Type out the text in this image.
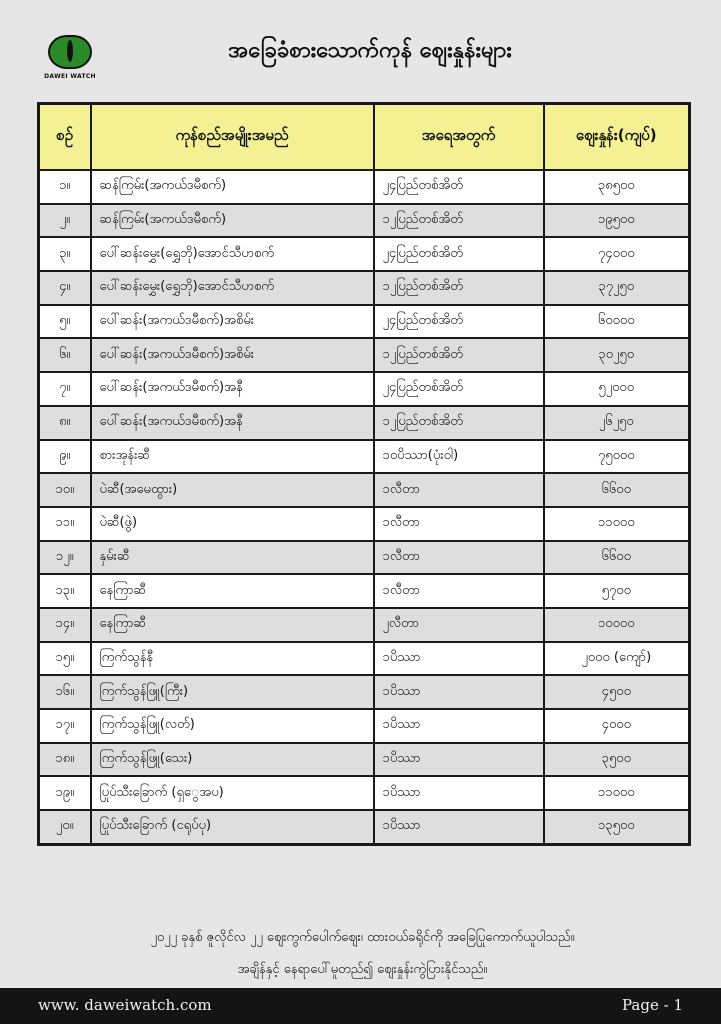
DAWEI WATCH
အခြေခံစားသောက်ကုန် ဈေးနှုန်းများ
စဉ်	ကုန်စည်အမျိုးအမည်	အရေအတွက်	ဈေးနှုန်း(ကျပ်)
၁။	ဆန်ကြမ်း(အကယ်ဒမီစက်)	၂၄ပြည်တစ်အိတ်	၃၈၅၀၀
၂။	ဆန်ကြမ်း(အကယ်ဒမီစက်)	၁၂ပြည်တစ်အိတ်	၁၉၅၀၀
၃။	ပေါ်ဆန်းမွှေး(ရွှေဘို)အောင်သီဟစက်	၂၄ပြည်တစ်အိတ်	၇၄၀၀၀
၄။	ပေါ်ဆန်းမွှေး(ရွှေဘို)အောင်သီဟစက်	၁၂ပြည်တစ်အိတ်	၃၇၂၅၀
၅။	ပေါ်ဆန်း(အကယ်ဒမီစက်)အစိမ်း	၂၄ပြည်တစ်အိတ်	၆၀၀၀၀
၆။	ပေါ်ဆန်း(အကယ်ဒမီစက်)အစိမ်း	၁၂ပြည်တစ်အိတ်	၃၀၂၅၀
၇။	ပေါ်ဆန်း(အကယ်ဒမီစက်)အနီ	၂၄ပြည်တစ်အိတ်	၅၂၀၀၀
၈။	ပေါ်ဆန်း(အကယ်ဒမီစက်)အနီ	၁၂ပြည်တစ်အိတ်	၂၆၂၅၀
၉။	စားအုန်းဆီ	၁၀ပိဿာ(ပုံး၀ါ)	၇၅၀၀၀
၁၀။	ပဲဆီ(အမေထွား)	၁လီတာ	၆၆၀၀
၁၁။	ပဲဆီ(ဖွဲ)	၁လီတာ	၁၁၀၀၀
၁၂။	နှမ်းဆီ	၁လီတာ	၆၆၀၀
၁၃။	နေကြာဆီ	၁လီတာ	၅၇၀၀
၁၄။	နေကြာဆီ	၂လီတာ	၁၀၀၀၀
၁၅။	ကြက်သွန်နီ	၁ပိဿာ	၂၀၀၀ (ကျော်)
၁၆။	ကြက်သွန်ဖြူ(ကြီး)	၁ပိဿာ	၄၅၀၀
၁၇။	ကြက်သွန်ဖြူ(လတ်)	၁ပိဿာ	၄၀၀၀
၁၈။	ကြက်သွန်ဖြူ(သေး)	၁ပိဿာ	၃၅၀၀
၁၉။	ပြုပ်သီးခြောက် (ရှွေအပ)	၁ပိဿာ	၁၁၀၀၀
၂၀။	ပြုပ်သီးခြောက် (ငရုပ်ပု)	၁ပိဿာ	၁၃၅၀၀
၂၀၂၂ ခုနှစ် ဇူလိုင်လ ၂၂ ဈေးကွက်ပေါက်ဈေး၊ ထားဝယ်ခရိုင်ကို အခြေပြုကောက်ယူပါသည်။
အချိန်နှင့် နေရာပေါ်မူတည်၍ ဈေးနှုန်းကွဲပြားနိုင်သည်။
www. daweiwatch.com	Page - 1
